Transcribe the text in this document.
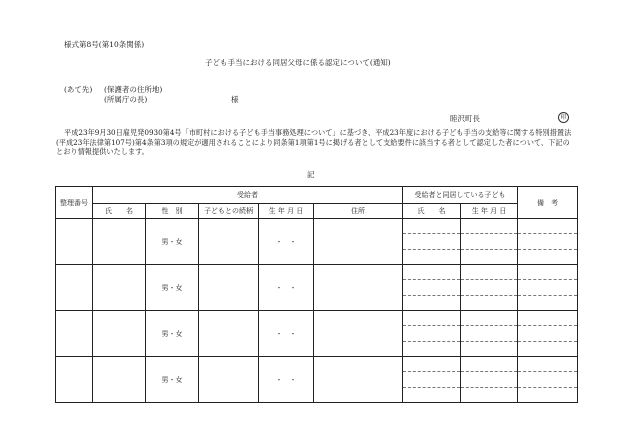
様式第8号(第10条関係)
子ども手当における同居父母に係る認定について(通知)
(あて先) (保護者の住所地)
(所属庁の長)	様
睦沢町長	印
平成23年9月30日雇児発0930第4号「市町村における子ども手当事務処理について」に基づき、平成23年度における子ども手当の支給等に関する特別措置法(平成23年法律第107号)第4条第3項の規定が適用されることにより同条第1項第1号に掲げる者として支給要件に該当する者として認定した者について、下記のとおり情報提供いたします。
記
整理番号	受給者					受給者と同居している子ども		備　考
	氏　　名	性　別	子どもとの続柄	生 年 月 日	住所	氏　　名	生 年 月 日	
		男・女		・　・		

		男・女		・　・		

		男・女		・　・		

		男・女		・　・		
